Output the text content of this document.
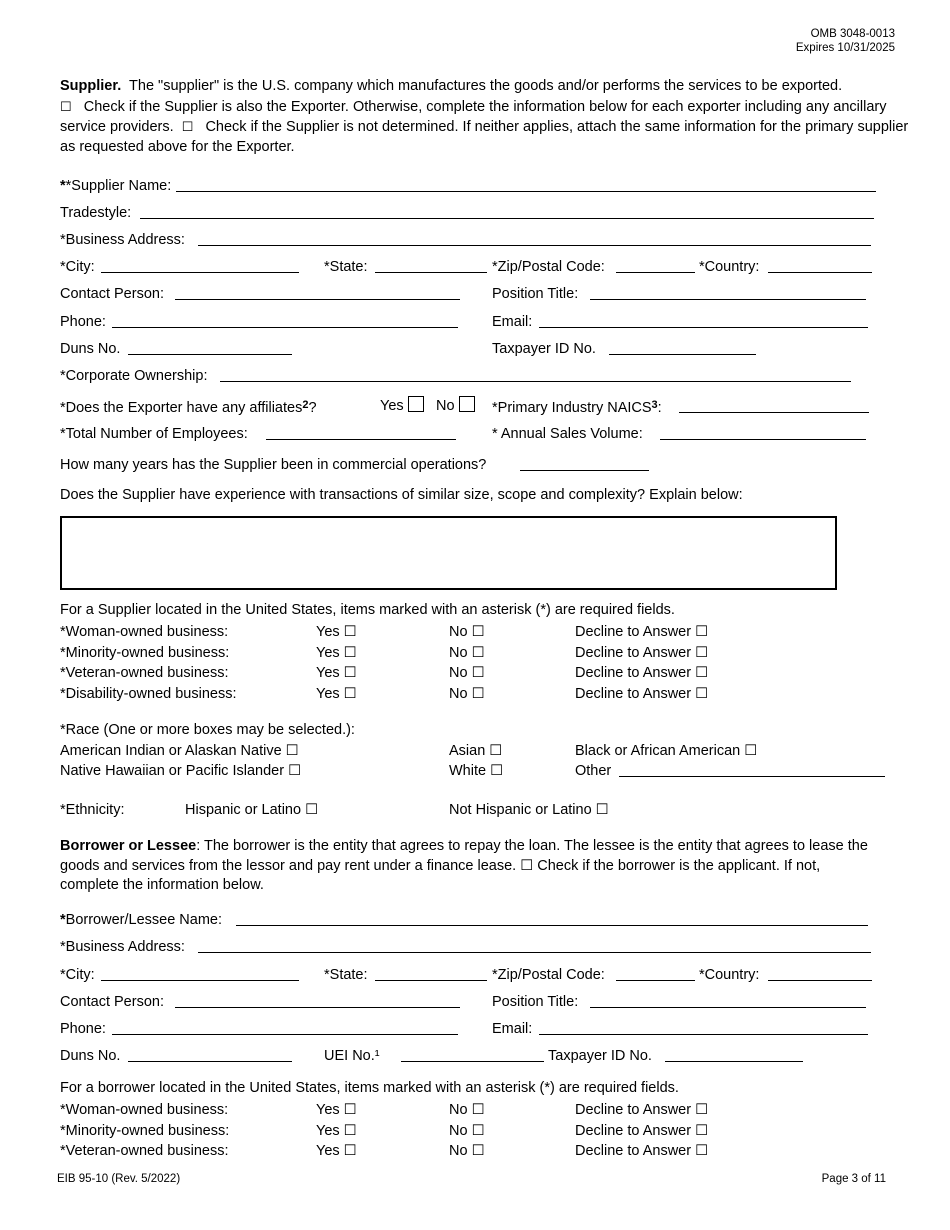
OMB 3048-0013
Expires 10/31/2025
Supplier. The "supplier" is the U.S. company which manufactures the goods and/or performs the services to be exported.
☐ Check if the Supplier is also the Exporter. Otherwise, complete the information below for each exporter including any ancillary service providers. ☐ Check if the Supplier is not determined. If neither applies, attach the same information for the primary supplier as requested above for the Exporter.
**Supplier Name:
Tradestyle:
*Business Address:
*City:	*State:	*Zip/Postal Code:	*Country:
Contact Person:	Position Title:
Phone:	Email:
Duns No.	Taxpayer ID No.
*Corporate Ownership:
*Does the Exporter have any affiliates$^2$?	Yes	No	*Primary Industry NAICS$^3$:
*Total Number of Employees:	* Annual Sales Volume:
How many years has the Supplier been in commercial operations?
Does the Supplier have experience with transactions of similar size, scope and complexity? Explain below:
For a Supplier located in the United States, items marked with an asterisk (*) are required fields.
*Woman-owned business:	Yes ☐	No ☐	Decline to Answer ☐
*Minority-owned business:	Yes ☐	No ☐	Decline to Answer ☐
*Veteran-owned business:	Yes ☐	No ☐	Decline to Answer ☐
*Disability-owned business:	Yes ☐	No ☐	Decline to Answer ☐
*Race (One or more boxes may be selected.):
American Indian or Alaskan Native ☐	Asian ☐	Black or African American ☐
Native Hawaiian or Pacific Islander ☐	White ☐	Other
*Ethnicity:	Hispanic or Latino ☐	Not Hispanic or Latino ☐
Borrower or Lessee: The borrower is the entity that agrees to repay the loan. The lessee is the entity that agrees to lease the goods and services from the lessor and pay rent under a finance lease. ☐ Check if the borrower is the applicant. If not, complete the information below.
*Borrower/Lessee Name:
*Business Address:
*City:	*State:	*Zip/Postal Code:	*Country:
Contact Person:	Position Title:
Phone:	Email:
Duns No.	UEI No.¹	Taxpayer ID No.
For a borrower located in the United States, items marked with an asterisk (*) are required fields.
*Woman-owned business:	Yes ☐	No ☐	Decline to Answer ☐
*Minority-owned business:	Yes ☐	No ☐	Decline to Answer ☐
*Veteran-owned business:	Yes ☐	No ☐	Decline to Answer ☐
EIB 95-10 (Rev. 5/2022)	Page 3 of 11
